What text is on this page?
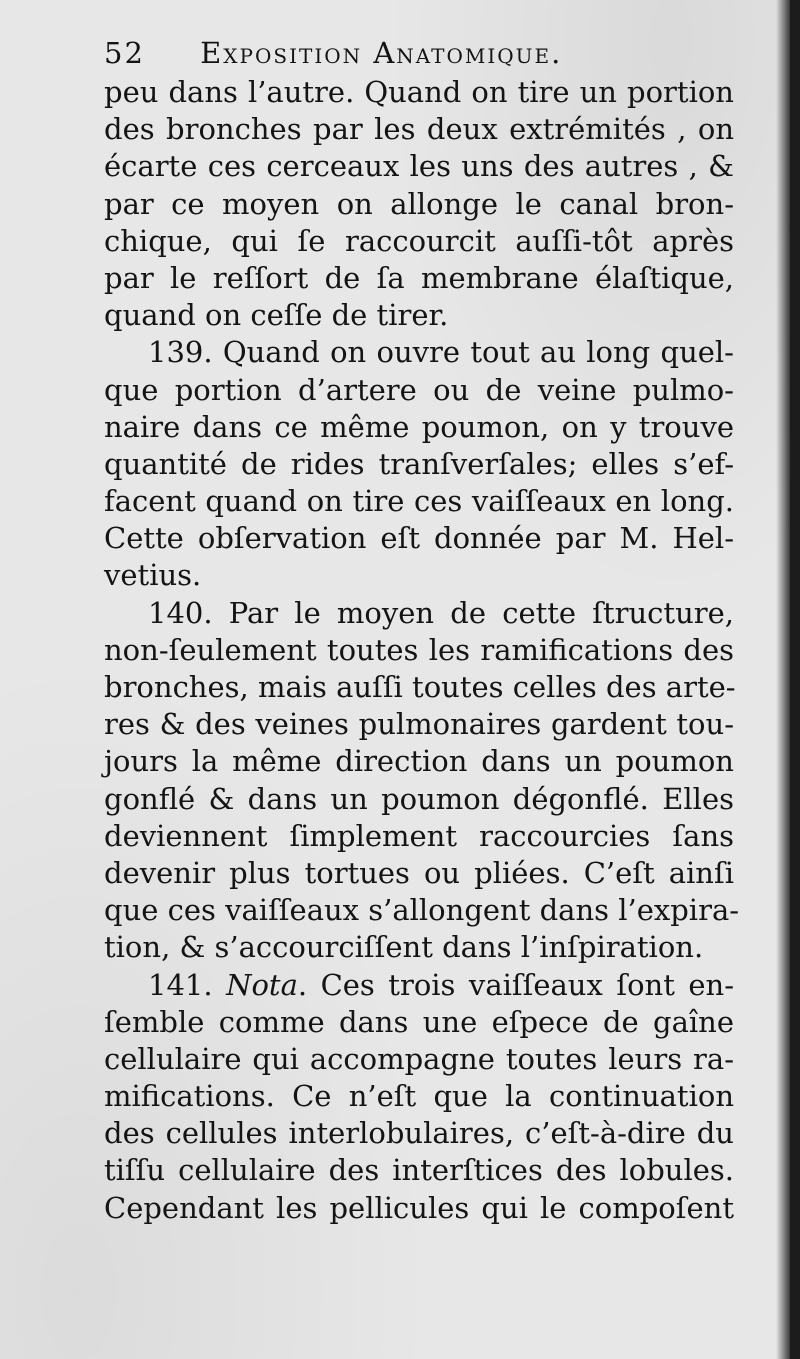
52 Exposition Anatomique.
peu dans l’autre. Quand on tire un portion
des bronches par les deux extrémités , on
écarte ces cerceaux les uns des autres , &
par ce moyen on allonge le canal bron-
chique, qui ſe raccourcit auſſi-tôt après
par le reſſort de ſa membrane élaſtique,
quand on ceſſe de tirer.
139. Quand on ouvre tout au long quel-
que portion d’artere ou de veine pulmo-
naire dans ce même poumon, on y trouve
quantité de rides tranſverſales; elles s’ef-
facent quand on tire ces vaiſſeaux en long.
Cette obſervation eſt donnée par M. Hel-
vetius.
140. Par le moyen de cette ſtructure,
non-ſeulement toutes les ramifications des
bronches, mais auſſi toutes celles des arte-
res & des veines pulmonaires gardent tou-
jours la même direction dans un poumon
gonflé & dans un poumon dégonflé. Elles
deviennent ſimplement raccourcies ſans
devenir plus tortues ou pliées. C’eſt ainſi
que ces vaiſſeaux s’allongent dans l’expira-
tion, & s’accourciſſent dans l’inſpiration.
141. Nota. Ces trois vaiſſeaux ſont en-
ſemble comme dans une eſpece de gaîne
cellulaire qui accompagne toutes leurs ra-
mifications. Ce n’eſt que la continuation
des cellules interlobulaires, c’eſt-à-dire du
tiſſu cellulaire des interſtices des lobules.
Cependant les pellicules qui le compoſent
